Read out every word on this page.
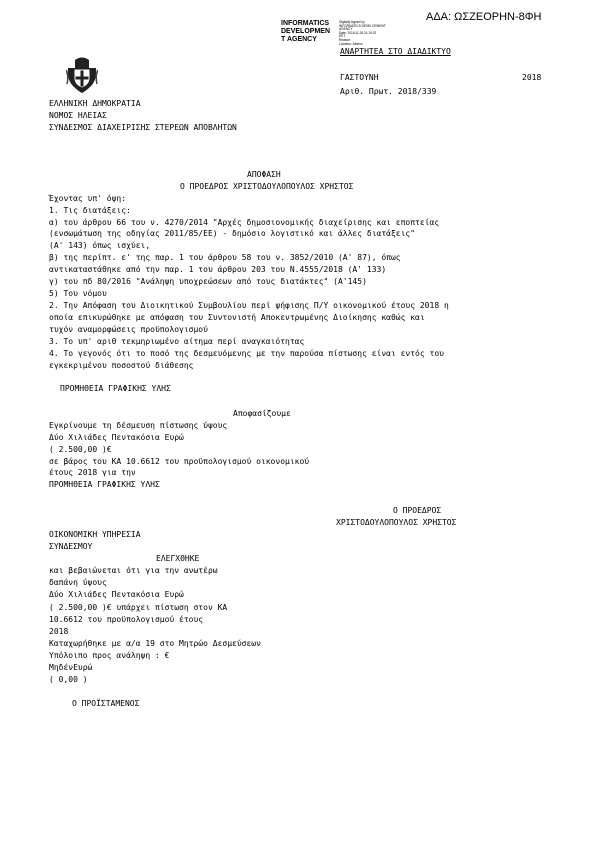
ΑΔΑ: ΩΣΖΕΟΡΗΝ-8ΦΗ
INFORMATICS
DEVELOPMEN
T AGENCY
Digitally signed by
INFORMATICS DEVELOPMENT AGENCY
Date: 2018.11.26 11:19:32
EET
Reason:
Location: Athens
ΑΝΑΡΤΗΤΕΑ ΣΤΟ ΔΙΑΔΙΚΤΥΟ
ΓΑΣΤΟΥΝΗ	2018
Αριθ. Πρωτ. 2018/339
ΕΛΛΗΝΙΚΗ ΔΗΜΟΚΡΑΤΙΑ
ΝΟΜΟΣ ΗΛΕΙΑΣ
ΣΥΝΔΕΣΜΟΣ ΔΙΑΧΕΙΡΙΣΗΣ ΣΤΕΡΕΩΝ ΑΠΟΒΛΗΤΩΝ
ΑΠΟΦΑΣΗ
Ο ΠΡΟΕΔΡΟΣ ΧΡΙΣΤΟΔΟΥΛΟΠΟΥΛΟΣ ΧΡΗΣΤΟΣ
Έχοντας υπ' όψη:
1. Τις διατάξεις:
α) του άρθρου 66 του ν. 4270/2014 "Αρχές δημοσιονομικής διαχείρισης και εποπτείας
(ενσωμάτωση της οδηγίας 2011/85/ΕΕ) - δημόσιο λογιστικό και άλλες διατάξεις"
(Α' 143) όπως ισχύει,
β) της περίπτ. ε' της παρ. 1 του άρθρου 58 του ν. 3852/2010 (Α' 87), όπως
αντικαταστάθηκε από την παρ. 1 του άρθρου 203 του Ν.4555/2018 (Α' 133)
γ) του πδ 80/2016 "Ανάληψη υποχρεώσεων από τους διατάκτες" (Α'145)
5) Του νόμου
2. Την Απόφαση του Διοικητικού Συμβουλίου περί ψήφισης Π/Υ οικονομικού έτους 2018 η
οποία επικυρώθηκε με απόφαση του Συντονιστή Αποκεντρωμένης Διοίκησης καθώς και
τυχόν αναμορφώσεις προϋπολογισμού
3. Το υπ' αριθ τεκμηριωμένο αίτημα περί αναγκαιότητας
4. Το γεγονός ότι το ποσό της δεσμευόμενης με την παρούσα πίστωσης είναι εντός του
εγκεκριμένου ποσοστού διάθεσης
ΠΡΟΜΗΘΕΙΑ ΓΡΑΦΙΚΗΣ ΥΛΗΣ
Αποφασίζουμε
Εγκρίνουμε τη δέσμευση πίστωσης ύψους
Δύο Χιλιάδες Πεντακόσια Ευρώ
( 2.500,00 )€
σε βάρος του ΚΑ 10.6612 του προϋπολογισμού οικονομικού
έτους 2018 για την
ΠΡΟΜΗΘΕΙΑ ΓΡΑΦΙΚΗΣ ΥΛΗΣ
Ο ΠΡΟΕΔΡΟΣ
ΧΡΙΣΤΟΔΟΥΛΟΠΟΥΛΟΣ ΧΡΗΣΤΟΣ
ΟΙΚΟΝΟΜΙΚΗ ΥΠΗΡΕΣΙΑ
ΣΥΝΔΕΣΜΟΥ
ΕΛΕΓΧΘΗΚΕ
και βεβαιώνεται ότι για την ανωτέρω
δαπάνη ύψους
Δύο Χιλιάδες Πεντακόσια Ευρώ
( 2.500,00 )€ υπάρχει πίστωση στον ΚΑ
10.6612 του προϋπολογισμού έτους
2018
Καταχωρήθηκε με α/α 19 στο Μητρώο Δεσμεύσεων
Υπόλοιπο προς ανάληψη : €
ΜηδένΕυρώ
( 0,00 )
Ο ΠΡΟΪΣΤΑΜΕΝΟΣ
